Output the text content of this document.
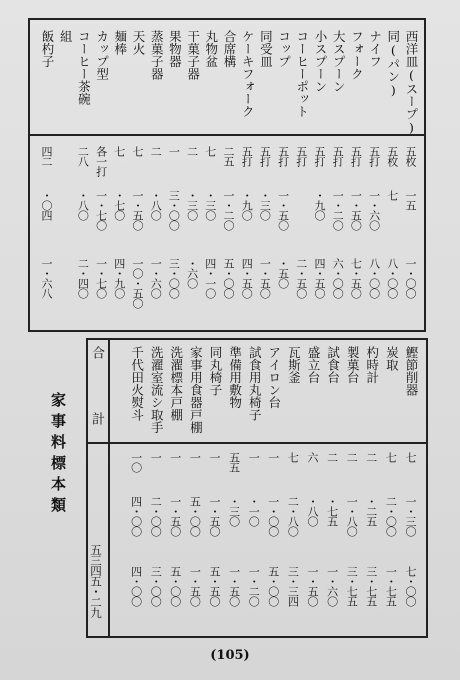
西洋皿(スープ)
五枚
一五
一・〇〇
同(パン)
五枚
七
八・〇〇
ナイフ
五打
一・六〇
八・〇〇
フォーク
五打
一・五〇
七・五〇
大スプーン
五打
一・二〇
六・〇〇
小スプーン
五打
・九〇
四・五〇
コーヒーポット
五打
二・五〇
コップ
五打
一・五〇
・五〇
同受皿
五打
・三〇
一・五〇
ケーキフォーク
五打
・九〇
四・五〇
合席構
二五
一・二〇
五・〇〇
丸物盆
七
・三〇
四・一〇
干菓子器
二
・三〇
・六〇
果物器
一
三・〇〇
三・〇〇
蒸菓子器
二
・八〇
一・六〇
天火
七
一・五〇
一〇・五〇
麺棒
七
・七〇
四・九〇
カップ型
各一打
一・七〇
一・七〇
コーヒー茶碗
二八
・八〇
二・四〇
組
飯杓子
四二
・〇四
一・六八
合
計
鰹節削器
七
一・三〇
七・〇〇
炭取
七
二・〇〇
一・七五
杓時計
二
・二五
三・七五
製菓台
二
一・八〇
三・七五
試食台
二
・七五
一・六〇
盛立台
六
・八〇
一・五〇
瓦斯釜
七
二・八〇
三・三四
アイロン台
一
一・〇〇
五・〇〇
試食用丸椅子
一
・一〇
一・二〇
準備用敷物
五五
・三〇
一・五〇
同丸椅子
一
一・五〇
五・五〇
家事用食器戸棚
一
五・〇〇
一・五〇
洗濯標本戸棚
一
一・五〇
五・〇〇
洗濯室流シ取手
一
二・〇〇
三・〇〇
千代田火熨斗
一〇
四・〇〇
四・〇〇
五三四五・二九
家事料標本類
(105)
